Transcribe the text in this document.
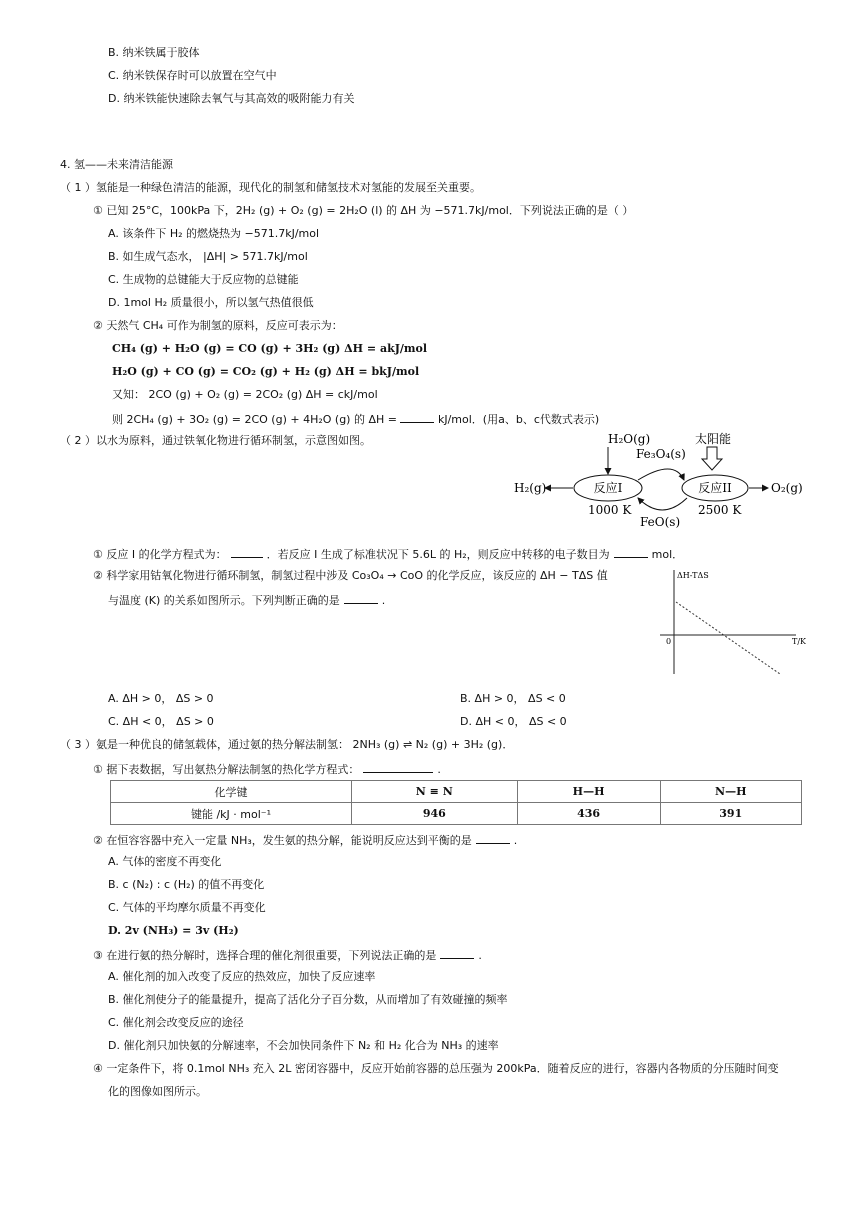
B. 纳米铁属于胶体
C. 纳米铁保存时可以放置在空气中
D. 纳米铁能快速除去氧气与其高效的吸附能力有关
4. 氢——未来清洁能源
（ 1 ）氢能是一种绿色清洁的能源，现代化的制氢和储氢技术对氢能的发展至关重要。
① 已知 25°C，100kPa 下，2H₂ (g) + O₂ (g) = 2H₂O (l) 的 ΔH 为 −571.7kJ/mol．下列说法正确的是（ ）
A. 该条件下 H₂ 的燃烧热为 −571.7kJ/mol
B. 如生成气态水， |ΔH| > 571.7kJ/mol
C. 生成物的总键能大于反应物的总键能
D. 1mol H₂ 质量很小，所以氢气热值很低
② 天然气 CH₄ 可作为制氢的原料，反应可表示为：
CH₄ (g) + H₂O (g) = CO (g) + 3H₂ (g) ΔH = akJ/mol
H₂O (g) + CO (g) = CO₂ (g) + H₂ (g) ΔH = bkJ/mol
又知： 2CO (g) + O₂ (g) = 2CO₂ (g) ΔH = ckJ/mol
则 2CH₄ (g) + 3O₂ (g) = 2CO (g) + 4H₂O (g) 的 ΔH =	kJ/mol．(用a、b、c代数式表示)
（ 2 ）以水为原料，通过铁氧化物进行循环制氢，示意图如图。	H₂O(g)	太阳能
Fe₃O₄(s)
反应I	反应II
H₂(g)	O₂(g)
1000 K	2500 K
FeO(s)
① 反应 I 的化学方程式为：	．若反应 I 生成了标准状况下 5.6L 的 H₂，则反应中转移的电子数目为	mol．
② 科学家用钴氧化物进行循环制氢，制氢过程中涉及 Co₃O₄ → CoO 的化学反应，该反应的 ΔH − TΔS 值
与温度 (K) 的关系如图所示。下列判断正确的是	.
ΔH-TΔS
T/K
0
A. ΔH > 0， ΔS > 0	B. ΔH > 0， ΔS < 0
C. ΔH < 0， ΔS > 0	D. ΔH < 0， ΔS < 0
（ 3 ）氨是一种优良的储氢载体，通过氨的热分解法制氢： 2NH₃ (g) ⇌ N₂ (g) + 3H₂ (g)．
① 据下表数据，写出氨热分解法制氢的热化学方程式：	.
化学键	N ≡ N	H—H	N—H
键能 /kJ · mol⁻¹	946	436	391
② 在恒容容器中充入一定量 NH₃，发生氨的热分解，能说明反应达到平衡的是	.
A. 气体的密度不再变化
B. c (N₂) : c (H₂) 的值不再变化
C. 气体的平均摩尔质量不再变化
D. 2v (NH₃) = 3v (H₂)
③ 在进行氨的热分解时，选择合理的催化剂很重要，下列说法正确的是	.
A. 催化剂的加入改变了反应的热效应，加快了反应速率
B. 催化剂使分子的能量提升，提高了活化分子百分数，从而增加了有效碰撞的频率
C. 催化剂会改变反应的途径
D. 催化剂只加快氨的分解速率，不会加快同条件下 N₂ 和 H₂ 化合为 NH₃ 的速率
④ 一定条件下，将 0.1mol NH₃ 充入 2L 密闭容器中，反应开始前容器的总压强为 200kPa．随着反应的进行，容器内各物质的分压随时间变
化的图像如图所示。
